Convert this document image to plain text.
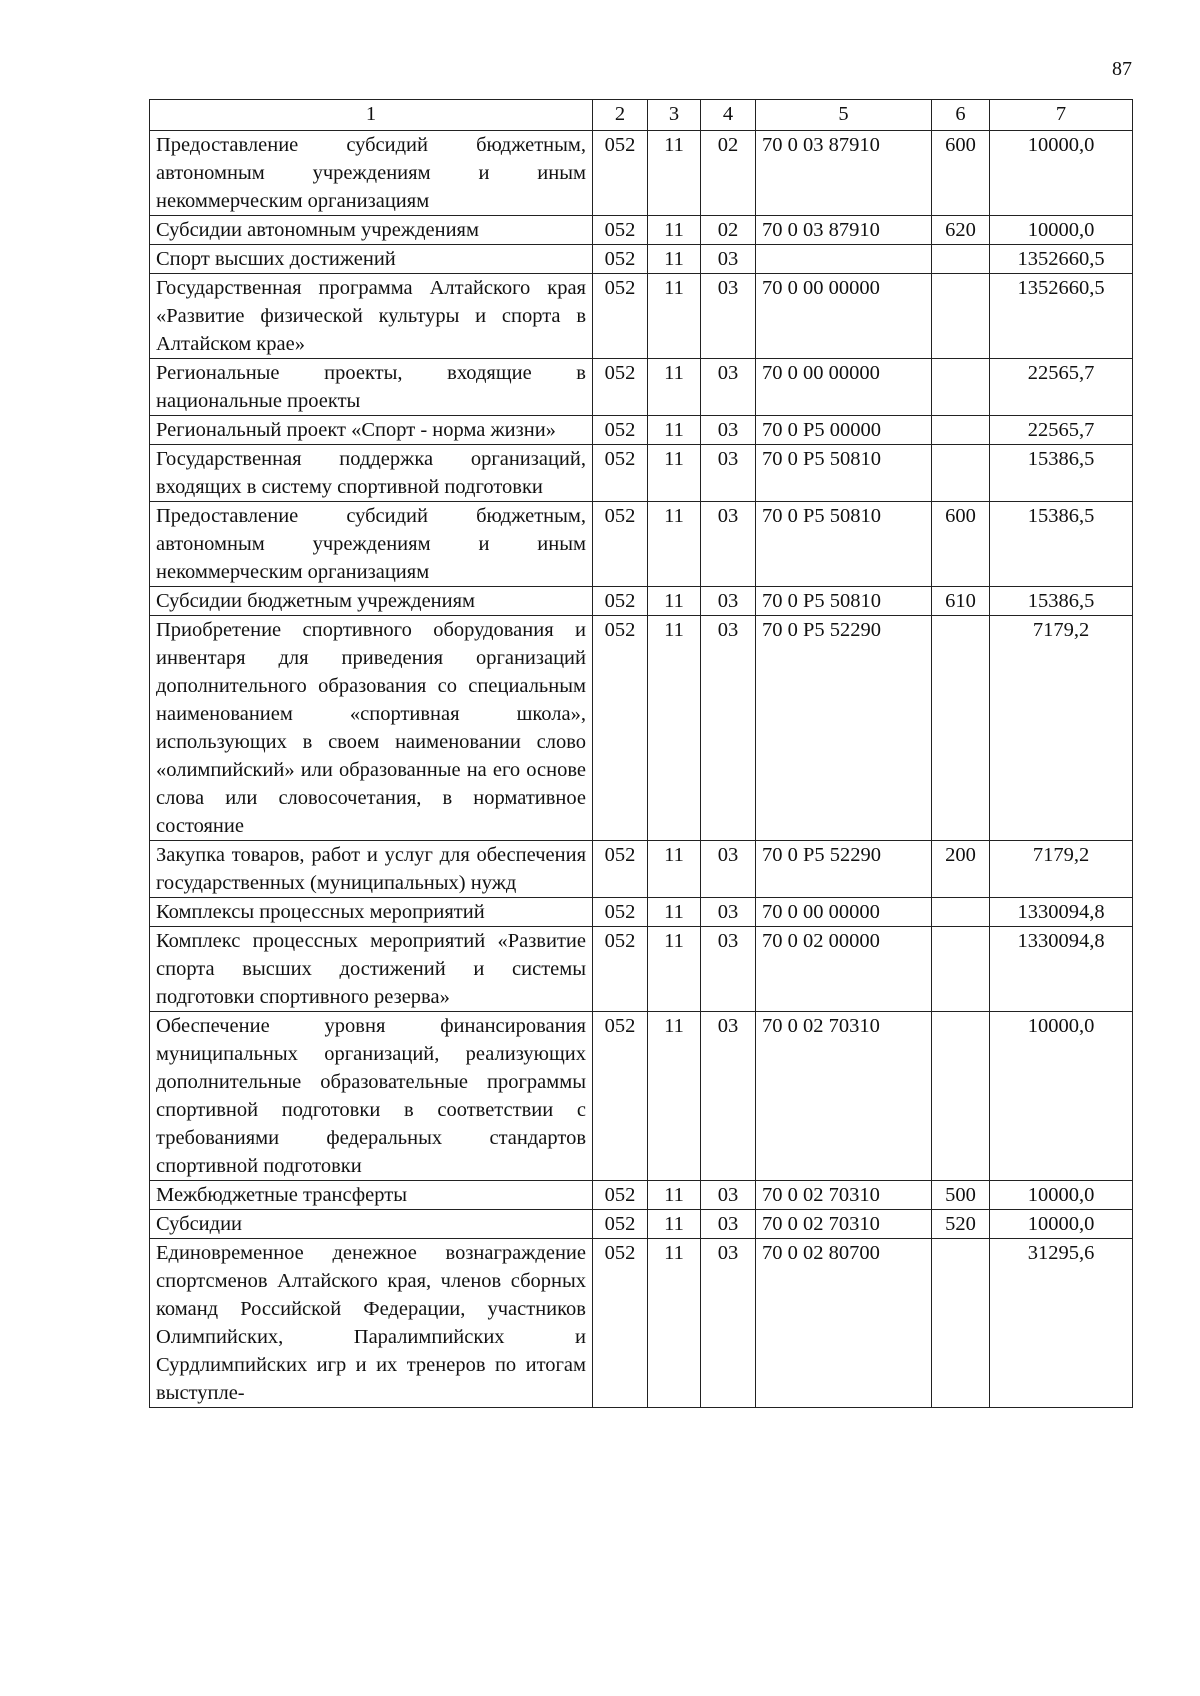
87
1	2	3	4	5	6	7
Предоставление субсидий бюджетным, автономным учреждениям и иным некоммерческим организациям	052	11	02	70 0 03 87910	600	10000,0
Субсидии автономным учреждениям	052	11	02	70 0 03 87910	620	10000,0
Спорт высших достижений	052	11	03			1352660,5
Государственная программа Алтайского края «Развитие физической культуры и спорта в Алтайском крае»	052	11	03	70 0 00 00000		1352660,5
Региональные проекты, входящие в национальные проекты	052	11	03	70 0 00 00000		22565,7
Региональный проект «Спорт - норма жизни»	052	11	03	70 0 P5 00000		22565,7
Государственная поддержка организаций, входящих в систему спортивной подготовки	052	11	03	70 0 P5 50810		15386,5
Предоставление субсидий бюджетным, автономным учреждениям и иным некоммерческим организациям	052	11	03	70 0 P5 50810	600	15386,5
Субсидии бюджетным учреждениям	052	11	03	70 0 P5 50810	610	15386,5
Приобретение спортивного оборудования и инвентаря для приведения организаций дополнительного образования со специальным наименованием «спортивная школа», использующих в своем наименовании слово «олимпийский» или образованные на его основе слова или словосочетания, в нормативное состояние	052	11	03	70 0 P5 52290		7179,2
Закупка товаров, работ и услуг для обеспечения государственных (муниципальных) нужд	052	11	03	70 0 P5 52290	200	7179,2
Комплексы процессных мероприятий	052	11	03	70 0 00 00000		1330094,8
Комплекс процессных мероприятий «Развитие спорта высших достижений и системы подготовки спортивного резерва»	052	11	03	70 0 02 00000		1330094,8
Обеспечение уровня финансирования муниципальных организаций, реализующих дополнительные образовательные программы спортивной подготовки в соответствии с требованиями федеральных стандартов спортивной подготовки	052	11	03	70 0 02 70310		10000,0
Межбюджетные трансферты	052	11	03	70 0 02 70310	500	10000,0
Субсидии	052	11	03	70 0 02 70310	520	10000,0
Единовременное денежное вознаграждение спортсменов Алтайского края, членов сборных команд Российской Федерации, участников Олимпийских, Паралимпийских и Сурдлимпийских игр и их тренеров по итогам выступле-	052	11	03	70 0 02 80700		31295,6
